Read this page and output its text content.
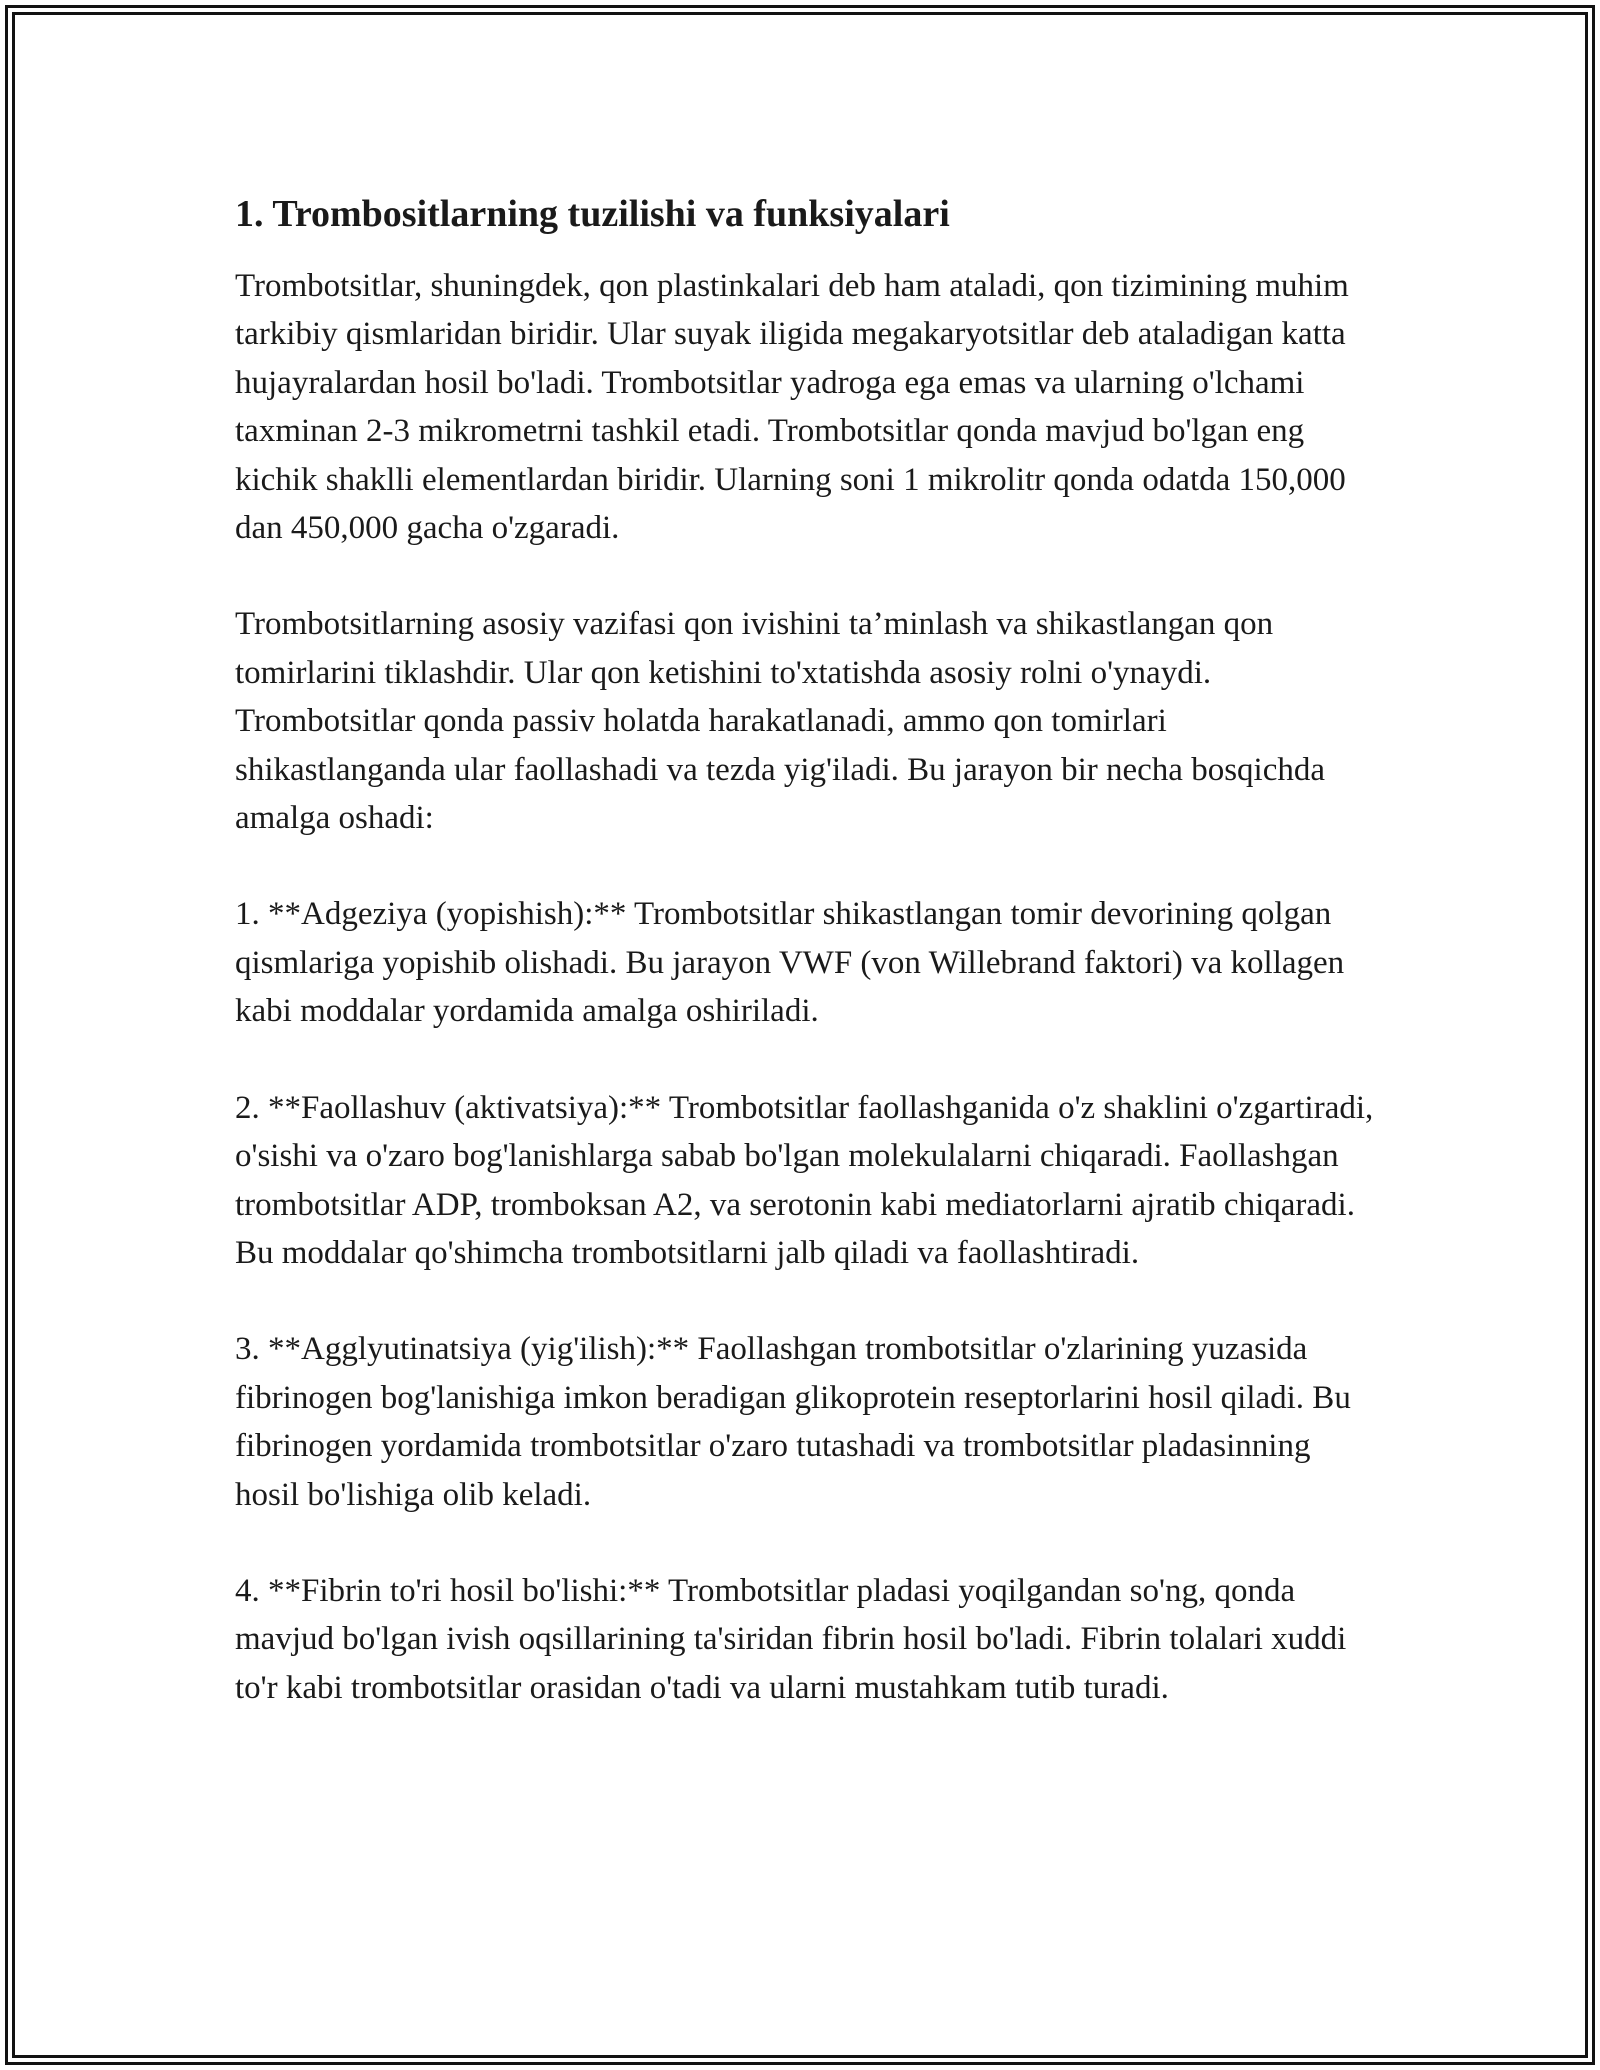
1. Trombositlarning tuzilishi va funksiyalari

Trombotsitlar, shuningdek, qon plastinkalari deb ham ataladi, qon tizimining muhim tarkibiy qismlaridan biridir. Ular suyak iligida megakaryotsitlar deb ataladigan katta hujayralardan hosil bo'ladi. Trombotsitlar yadroga ega emas va ularning o'lchami taxminan 2-3 mikrometrni tashkil etadi. Trombotsitlar qonda mavjud bo'lgan eng kichik shaklli elementlardan biridir. Ularning soni 1 mikrolitr qonda odatda 150,000 dan 450,000 gacha o'zgaradi.

Trombotsitlarning asosiy vazifasi qon ivishini ta’minlash va shikastlangan qon tomirlarini tiklashdir. Ular qon ketishini to'xtatishda asosiy rolni o'ynaydi. Trombotsitlar qonda passiv holatda harakatlanadi, ammo qon tomirlari shikastlanganda ular faollashadi va tezda yig'iladi. Bu jarayon bir necha bosqichda amalga oshadi:

1. **Adgeziya (yopishish):** Trombotsitlar shikastlangan tomir devorining qolgan qismlariga yopishib olishadi. Bu jarayon VWF (von Willebrand faktori) va kollagen kabi moddalar yordamida amalga oshiriladi.

2. **Faollashuv (aktivatsiya):** Trombotsitlar faollashganida o'z shaklini o'zgartiradi, o'sishi va o'zaro bog'lanishlarga sabab bo'lgan molekulalarni chiqaradi. Faollashgan trombotsitlar ADP, tromboksan A2, va serotonin kabi mediatorlarni ajratib chiqaradi. Bu moddalar qo'shimcha trombotsitlarni jalb qiladi va faollashtiradi.

3. **Agglyutinatsiya (yig'ilish):** Faollashgan trombotsitlar o'zlarining yuzasida fibrinogen bog'lanishiga imkon beradigan glikoprotein reseptorlarini hosil qiladi. Bu fibrinogen yordamida trombotsitlar o'zaro tutashadi va trombotsitlar pladasinning hosil bo'lishiga olib keladi.

4. **Fibrin to'ri hosil bo'lishi:** Trombotsitlar pladasi yoqilgandan so'ng, qonda mavjud bo'lgan ivish oqsillarining ta'siridan fibrin hosil bo'ladi. Fibrin tolalari xuddi to'r kabi trombotsitlar orasidan o'tadi va ularni mustahkam tutib turadi.
